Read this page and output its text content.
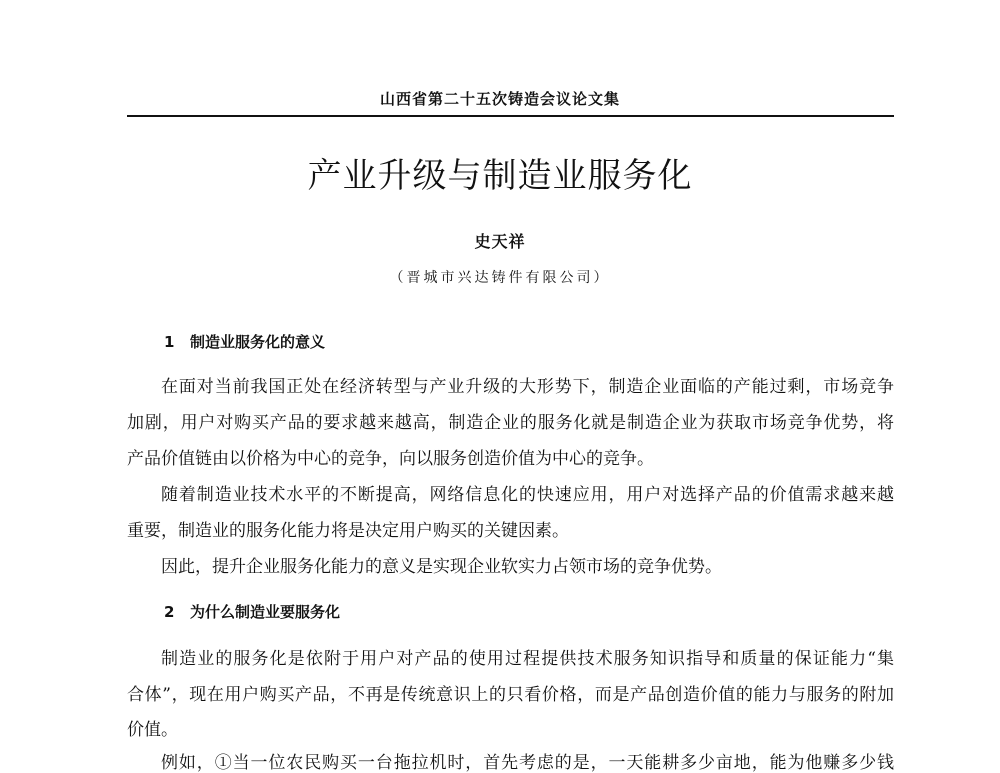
山西省第二十五次铸造会议论文集
产业升级与制造业服务化
史天祥
（晋城市兴达铸件有限公司）
1 制造业服务化的意义
在面对当前我国正处在经济转型与产业升级的大形势下，制造企业面临的产能过剩，市场竞争
加剧，用户对购买产品的要求越来越高，制造企业的服务化就是制造企业为获取市场竞争优势，将
产品价值链由以价格为中心的竞争，向以服务创造价值为中心的竞争。
随着制造业技术水平的不断提高，网络信息化的快速应用，用户对选择产品的价值需求越来越
重要，制造业的服务化能力将是决定用户购买的关键因素。
因此，提升企业服务化能力的意义是实现企业软实力占领市场的竞争优势。
2 为什么制造业要服务化
制造业的服务化是依附于用户对产品的使用过程提供技术服务知识指导和质量的保证能力“集
合体”，现在用户购买产品，不再是传统意识上的只看价格，而是产品创造价值的能力与服务的附加
价值。
例如，①当一位农民购买一台拖拉机时，首先考虑的是，一天能耕多少亩地，能为他赚多少钱
